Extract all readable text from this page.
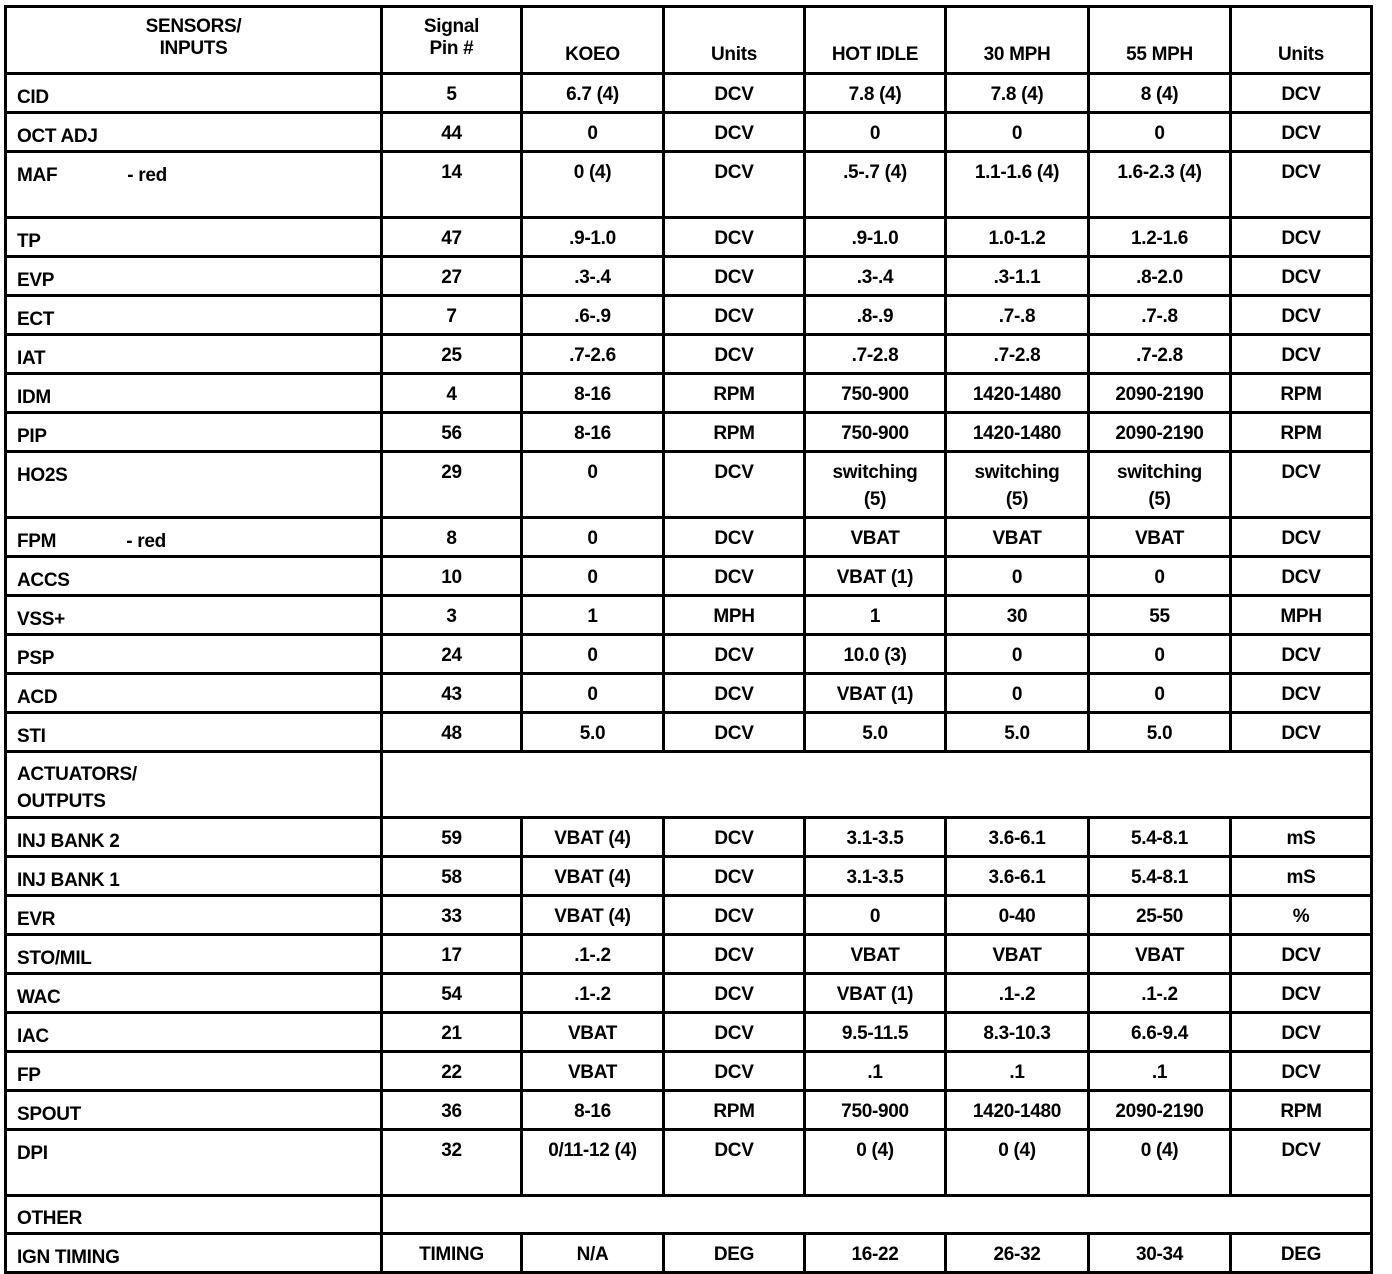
SENSORS/ INPUTS	Signal Pin #	KOEO	Units	HOT IDLE	30 MPH	55 MPH	Units
CID	5	6.7 (4)	DCV	7.8 (4)	7.8 (4)	8 (4)	DCV
OCT ADJ	44	0	DCV	0	0	0	DCV
MAF - red	14	0 (4)	DCV	.5-.7 (4)	1.1-1.6 (4)	1.6-2.3 (4)	DCV
TP	47	.9-1.0	DCV	.9-1.0	1.0-1.2	1.2-1.6	DCV
EVP	27	.3-.4	DCV	.3-.4	.3-1.1	.8-2.0	DCV
ECT	7	.6-.9	DCV	.8-.9	.7-.8	.7-.8	DCV
IAT	25	.7-2.6	DCV	.7-2.8	.7-2.8	.7-2.8	DCV
IDM	4	8-16	RPM	750-900	1420-1480	2090-2190	RPM
PIP	56	8-16	RPM	750-900	1420-1480	2090-2190	RPM
HO2S	29	0	DCV	switching (5)	switching (5)	switching (5)	DCV
FPM - red	8	0	DCV	VBAT	VBAT	VBAT	DCV
ACCS	10	0	DCV	VBAT (1)	0	0	DCV
VSS+	3	1	MPH	1	30	55	MPH
PSP	24	0	DCV	10.0 (3)	0	0	DCV
ACD	43	0	DCV	VBAT (1)	0	0	DCV
STI	48	5.0	DCV	5.0	5.0	5.0	DCV
ACTUATORS/ OUTPUTS							
INJ BANK 2	59	VBAT (4)	DCV	3.1-3.5	3.6-6.1	5.4-8.1	mS
INJ BANK 1	58	VBAT (4)	DCV	3.1-3.5	3.6-6.1	5.4-8.1	mS
EVR	33	VBAT (4)	DCV	0	0-40	25-50	%
STO/MIL	17	.1-.2	DCV	VBAT	VBAT	VBAT	DCV
WAC	54	.1-.2	DCV	VBAT (1)	.1-.2	.1-.2	DCV
IAC	21	VBAT	DCV	9.5-11.5	8.3-10.3	6.6-9.4	DCV
FP	22	VBAT	DCV	.1	.1	.1	DCV
SPOUT	36	8-16	RPM	750-900	1420-1480	2090-2190	RPM
DPI	32	0/11-12 (4)	DCV	0 (4)	0 (4)	0 (4)	DCV
OTHER							
IGN TIMING	TIMING	N/A	DEG	16-22	26-32	30-34	DEG
